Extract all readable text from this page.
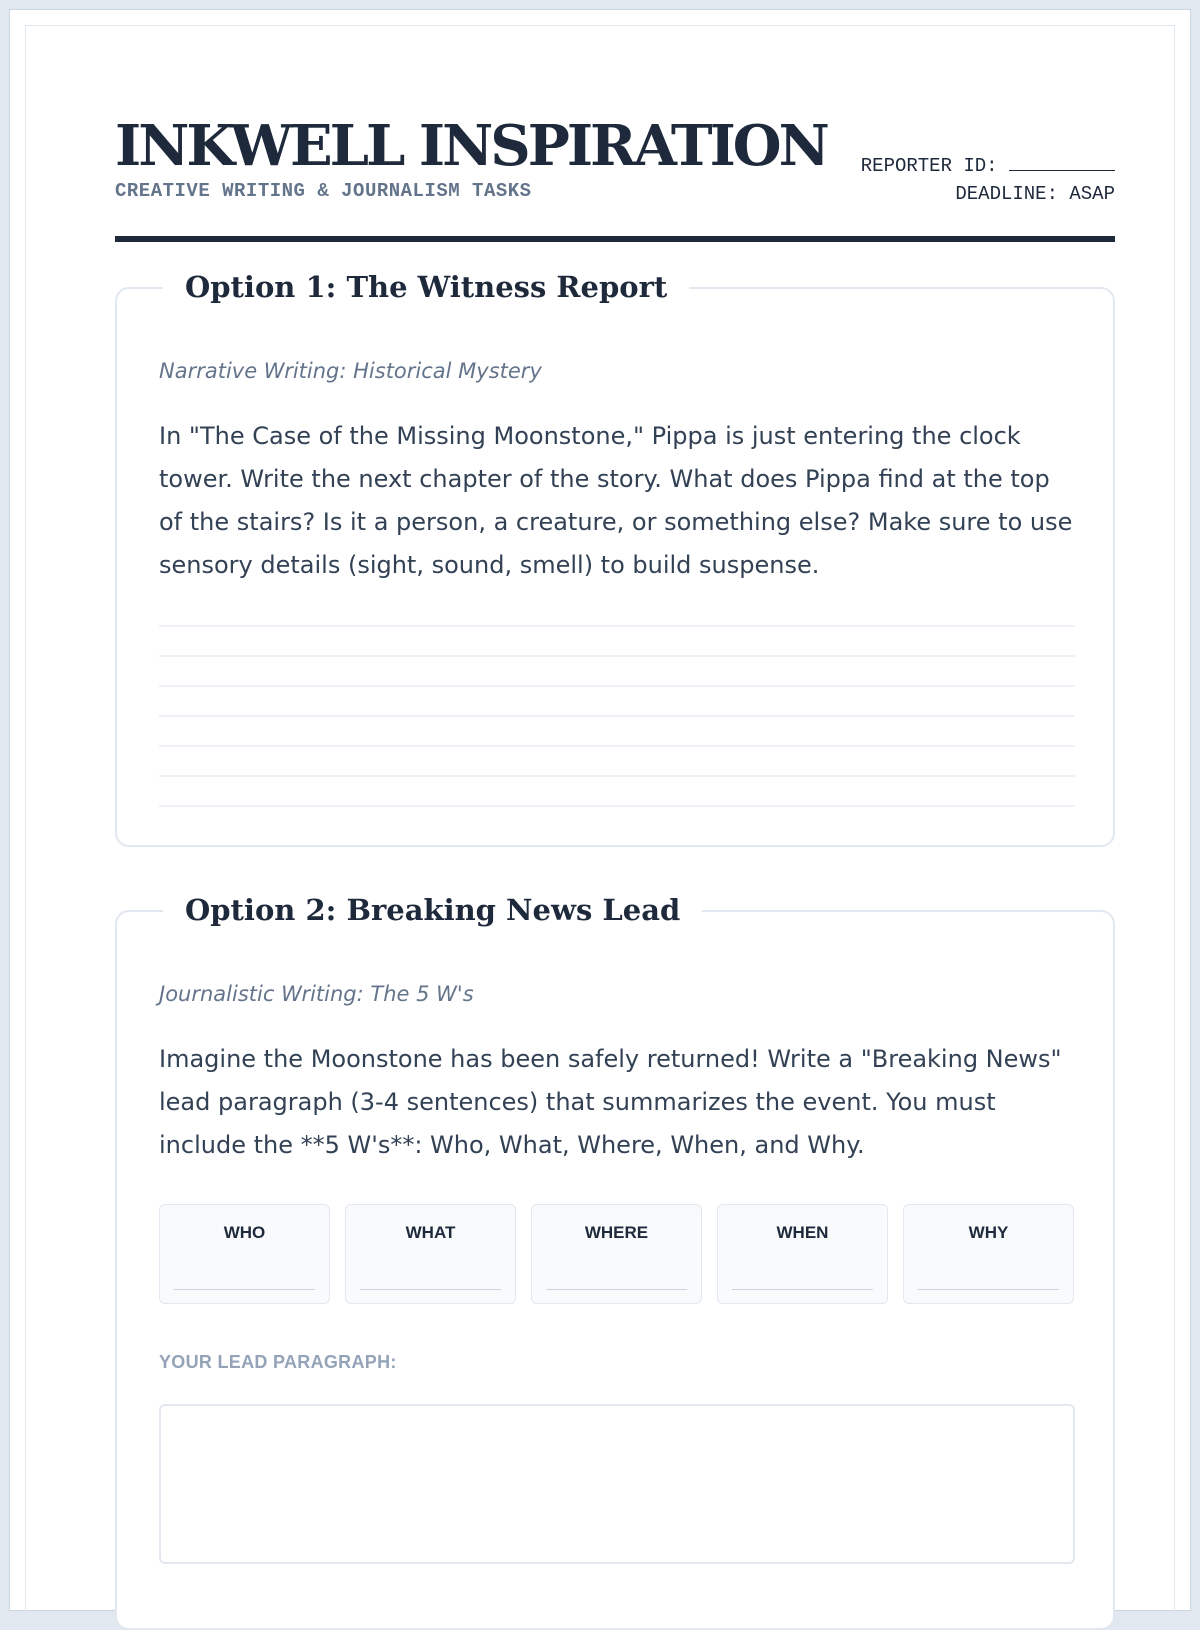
INKWELL INSPIRATION
CREATIVE WRITING & JOURNALISM TASKS
REPORTER ID:
DEADLINE: ASAP
Option 1: The Witness Report
Narrative Writing: Historical Mystery

In "The Case of the Missing Moonstone," Pippa is just entering the clock tower. Write the next chapter of the story. What does Pippa find at the top of the stairs? Is it a person, a creature, or something else? Make sure to use sensory details (sight, sound, smell) to build suspense.

Option 2: Breaking News Lead
Journalistic Writing: The 5 W's

Imagine the Moonstone has been safely returned! Write a "Breaking News" lead paragraph (3-4 sentences) that summarizes the event. You must include the **5 W's**: Who, What, Where, When, and Why.

WHO	WHAT	WHERE	WHEN	WHY
YOUR LEAD PARAGRAPH:
